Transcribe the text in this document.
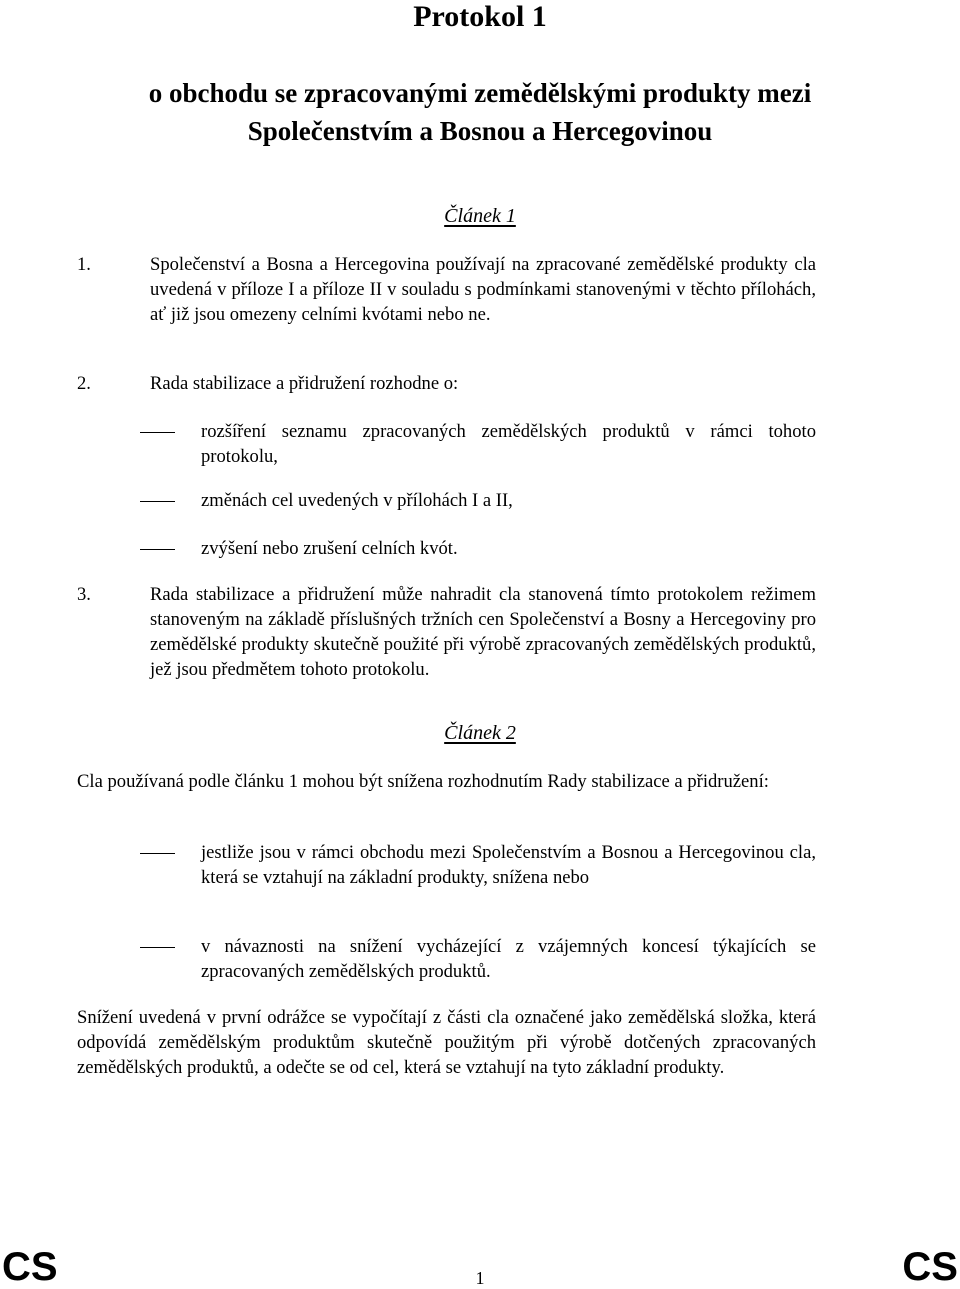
Protokol 1
o obchodu se zpracovanými zemědělskými produkty mezi
Společenstvím a Bosnou a Hercegovinou
Článek 1
1.	Společenství a Bosna a Hercegovina používají na zpracované zemědělské produkty cla uvedená v příloze I a příloze II v souladu s podmínkami stanovenými v těchto přílohách, ať již jsou omezeny celními kvótami nebo ne.
2.	Rada stabilizace a přidružení rozhodne o:
rozšíření seznamu zpracovaných zemědělských produktů v rámci tohoto protokolu,
změnách cel uvedených v přílohách I a II,
zvýšení nebo zrušení celních kvót.
3.	Rada stabilizace a přidružení může nahradit cla stanovená tímto protokolem režimem stanoveným na základě příslušných tržních cen Společenství a Bosny a Hercegoviny pro zemědělské produkty skutečně použité při výrobě zpracovaných zemědělských produktů, jež jsou předmětem tohoto protokolu.
Článek 2
Cla používaná podle článku 1 mohou být snížena rozhodnutím Rady stabilizace a přidružení:
jestliže jsou v rámci obchodu mezi Společenstvím a Bosnou a Hercegovinou cla, která se vztahují na základní produkty, snížena nebo
v návaznosti na snížení vycházející z vzájemných koncesí týkajících se zpracovaných zemědělských produktů.
Snížení uvedená v první odrážce se vypočítají z části cla označené jako zemědělská složka, která odpovídá zemědělským produktům skutečně použitým při výrobě dotčených zpracovaných zemědělských produktů, a odečte se od cel, která se vztahují na tyto základní produkty.
CS	1	CS
